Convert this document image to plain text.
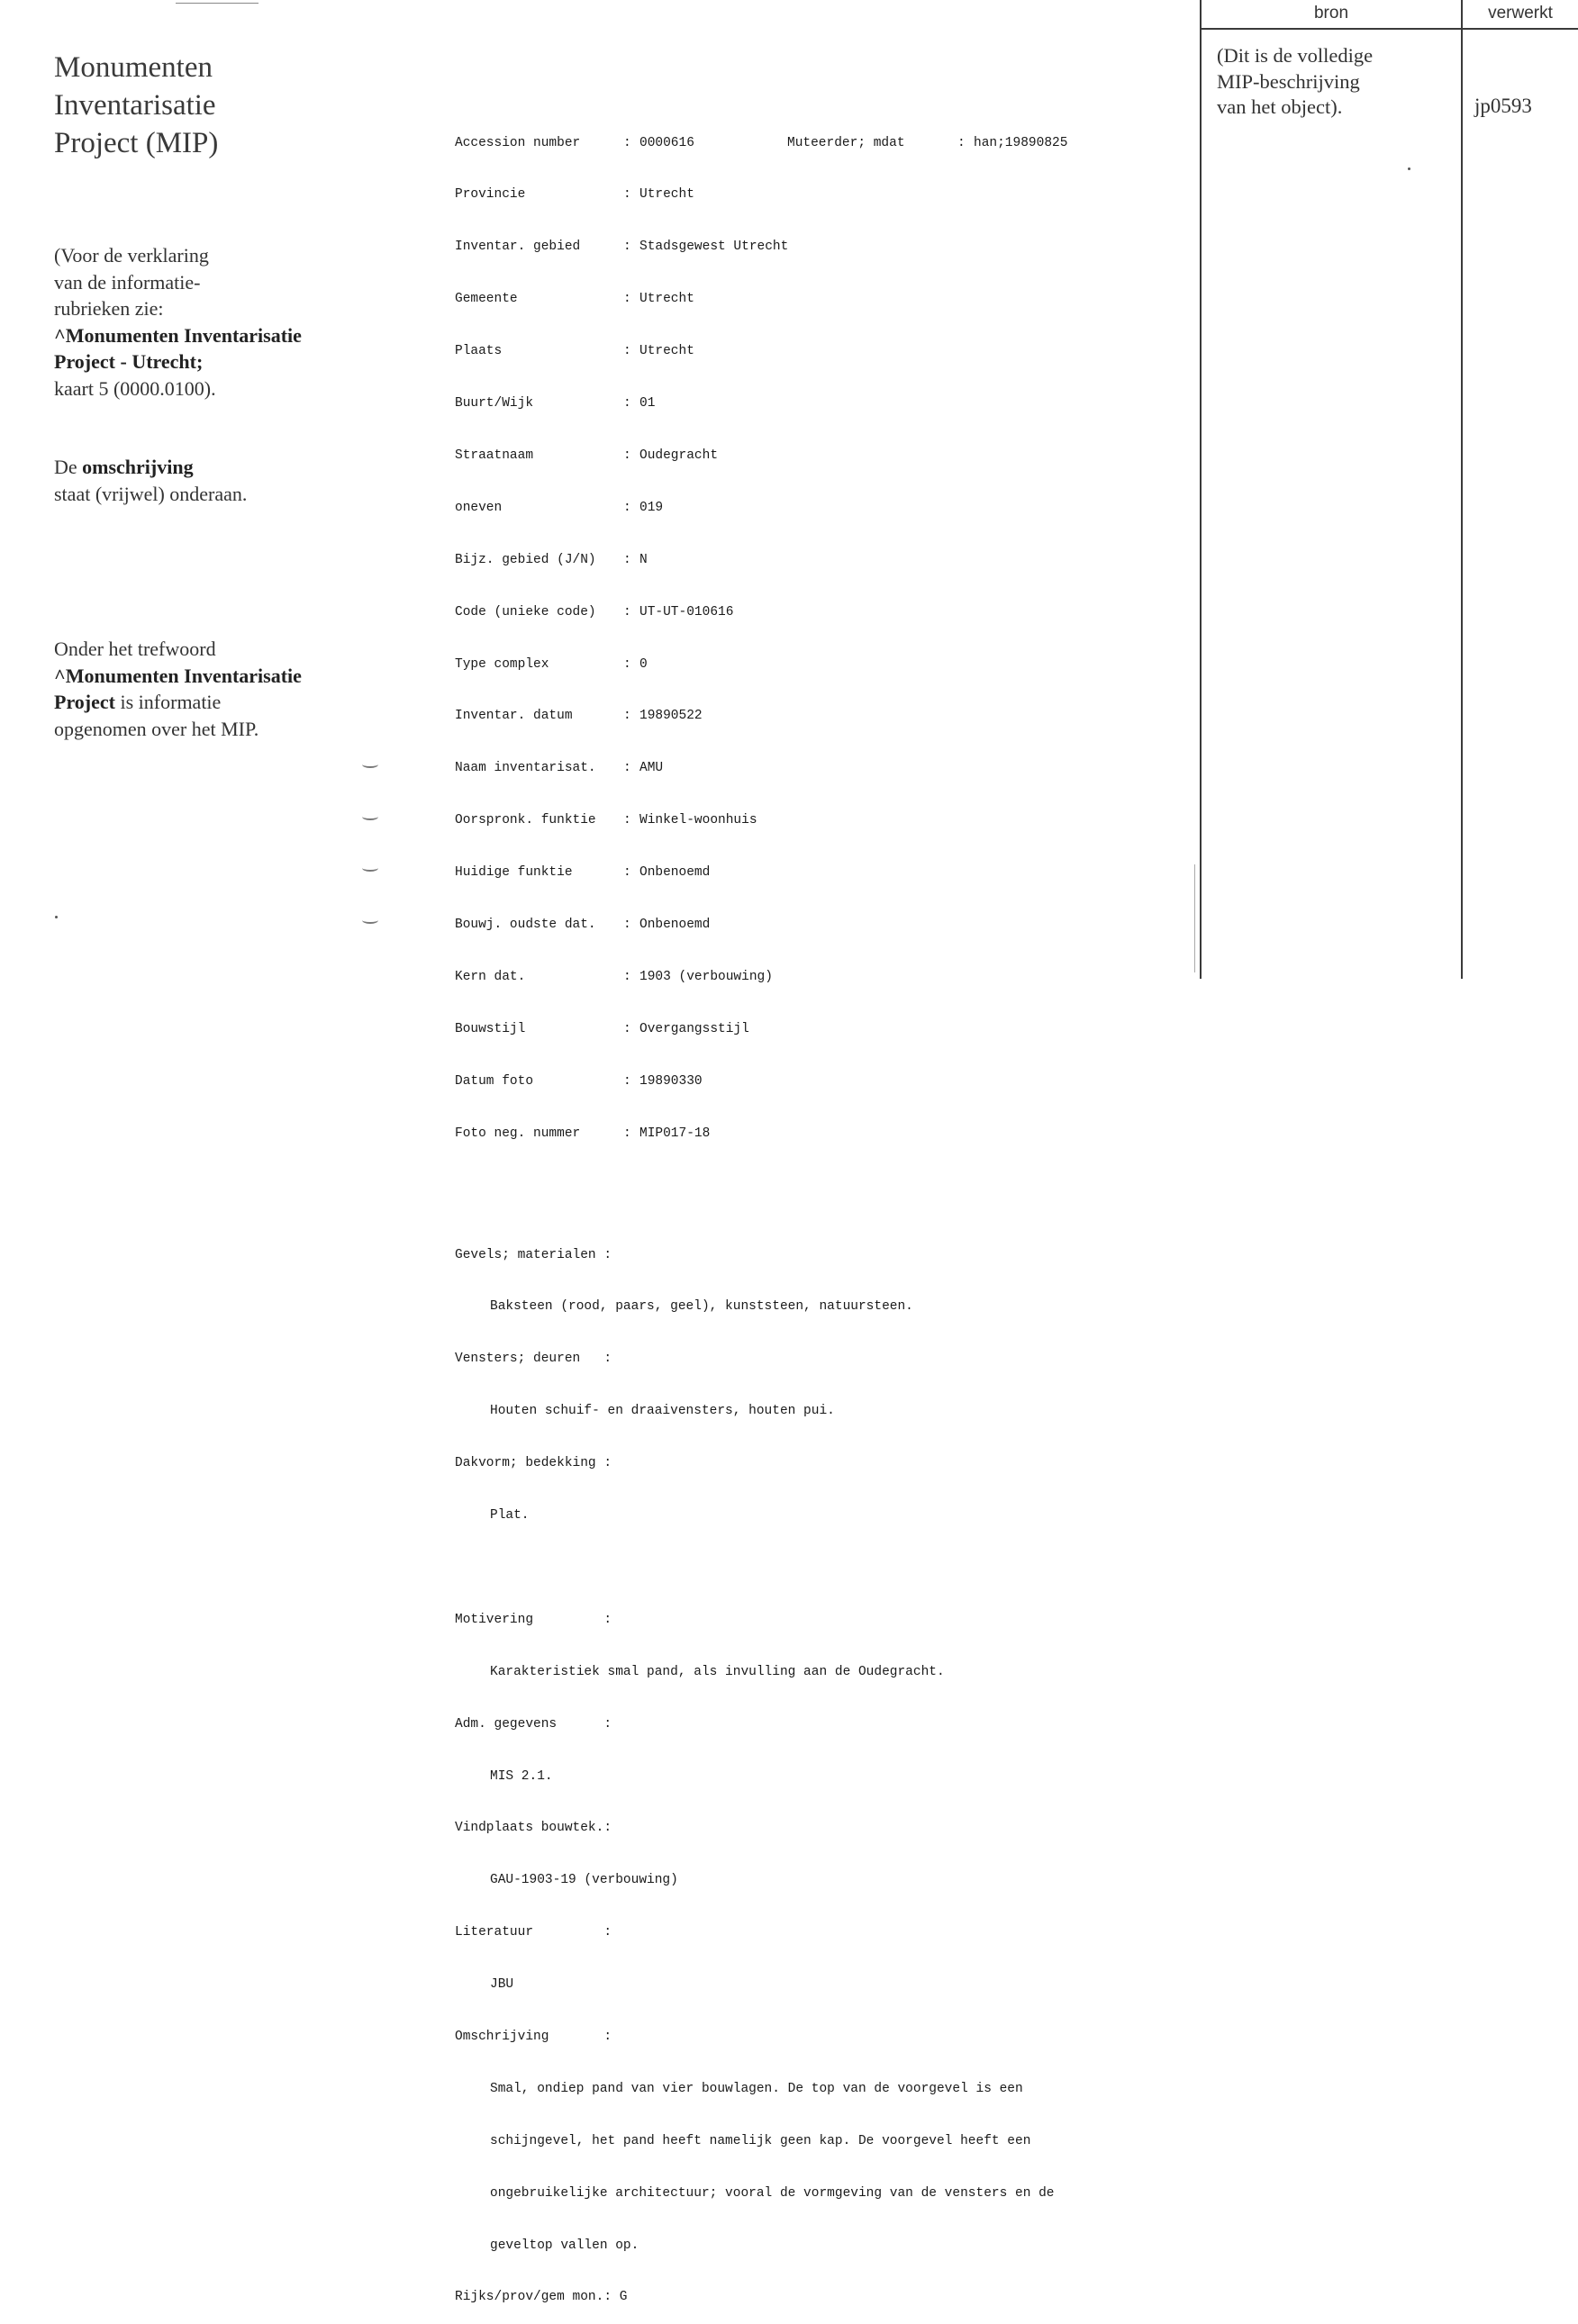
Monumenten
Inventarisatie
Project (MIP)
(Voor de verklaring
van de informatie-
rubrieken zie:
^Monumenten Inventarisatie
Project - Utrecht;
kaart 5 (0000.0100).
De omschrijving
staat (vrijwel) onderaan.
Onder het trefwoord
^Monumenten Inventarisatie
Project is informatie
opgenomen over het MIP.

Accession number	: 0000616	Muteerder; mdat	: han;19890825

Provincie	: Utrecht

Inventar. gebied	: Stadsgewest Utrecht

Gemeente	: Utrecht

Plaats	: Utrecht

Buurt/Wijk	: 01

Straatnaam	: Oudegracht

oneven	: 019

Bijz. gebied (J/N) : N

Code (unieke code) : UT-UT-010616

Type complex	: 0

Inventar. datum	: 19890522

Naam inventarisat. : AMU

Oorspronk. funktie : Winkel-woonhuis

Huidige funktie	: Onbenoemd

Bouwj. oudste dat. : Onbenoemd

Kern dat.	: 1903 (verbouwing)

Bouwstijl	: Overgangsstijl

Datum foto	: 19890330

Foto neg. nummer	: MIP017-18

Gevels; materialen :

Baksteen (rood, paars, geel), kunststeen, natuursteen.

Vensters; deuren   :

Houten schuif- en draaivensters, houten pui.

Dakvorm; bedekking :

Plat.

Motivering         :

Karakteristiek smal pand, als invulling aan de Oudegracht.

Adm. gegevens      :

MIS 2.1.

Vindplaats bouwtek.:

GAU-1903-19 (verbouwing)

Literatuur         :

JBU

Omschrijving       :

Smal, ondiep pand van vier bouwlagen. De top van de voorgevel is een

schijngevel, het pand heeft namelijk geen kap. De voorgevel heeft een

ongebruikelijke architectuur; vooral de vormgeving van de vensters en de

geveltop vallen op.

Rijks/prov/gem mon.: G

bron	verwerkt
(Dit is de volledige
MIP-beschrijving
van het object).	jp0593
